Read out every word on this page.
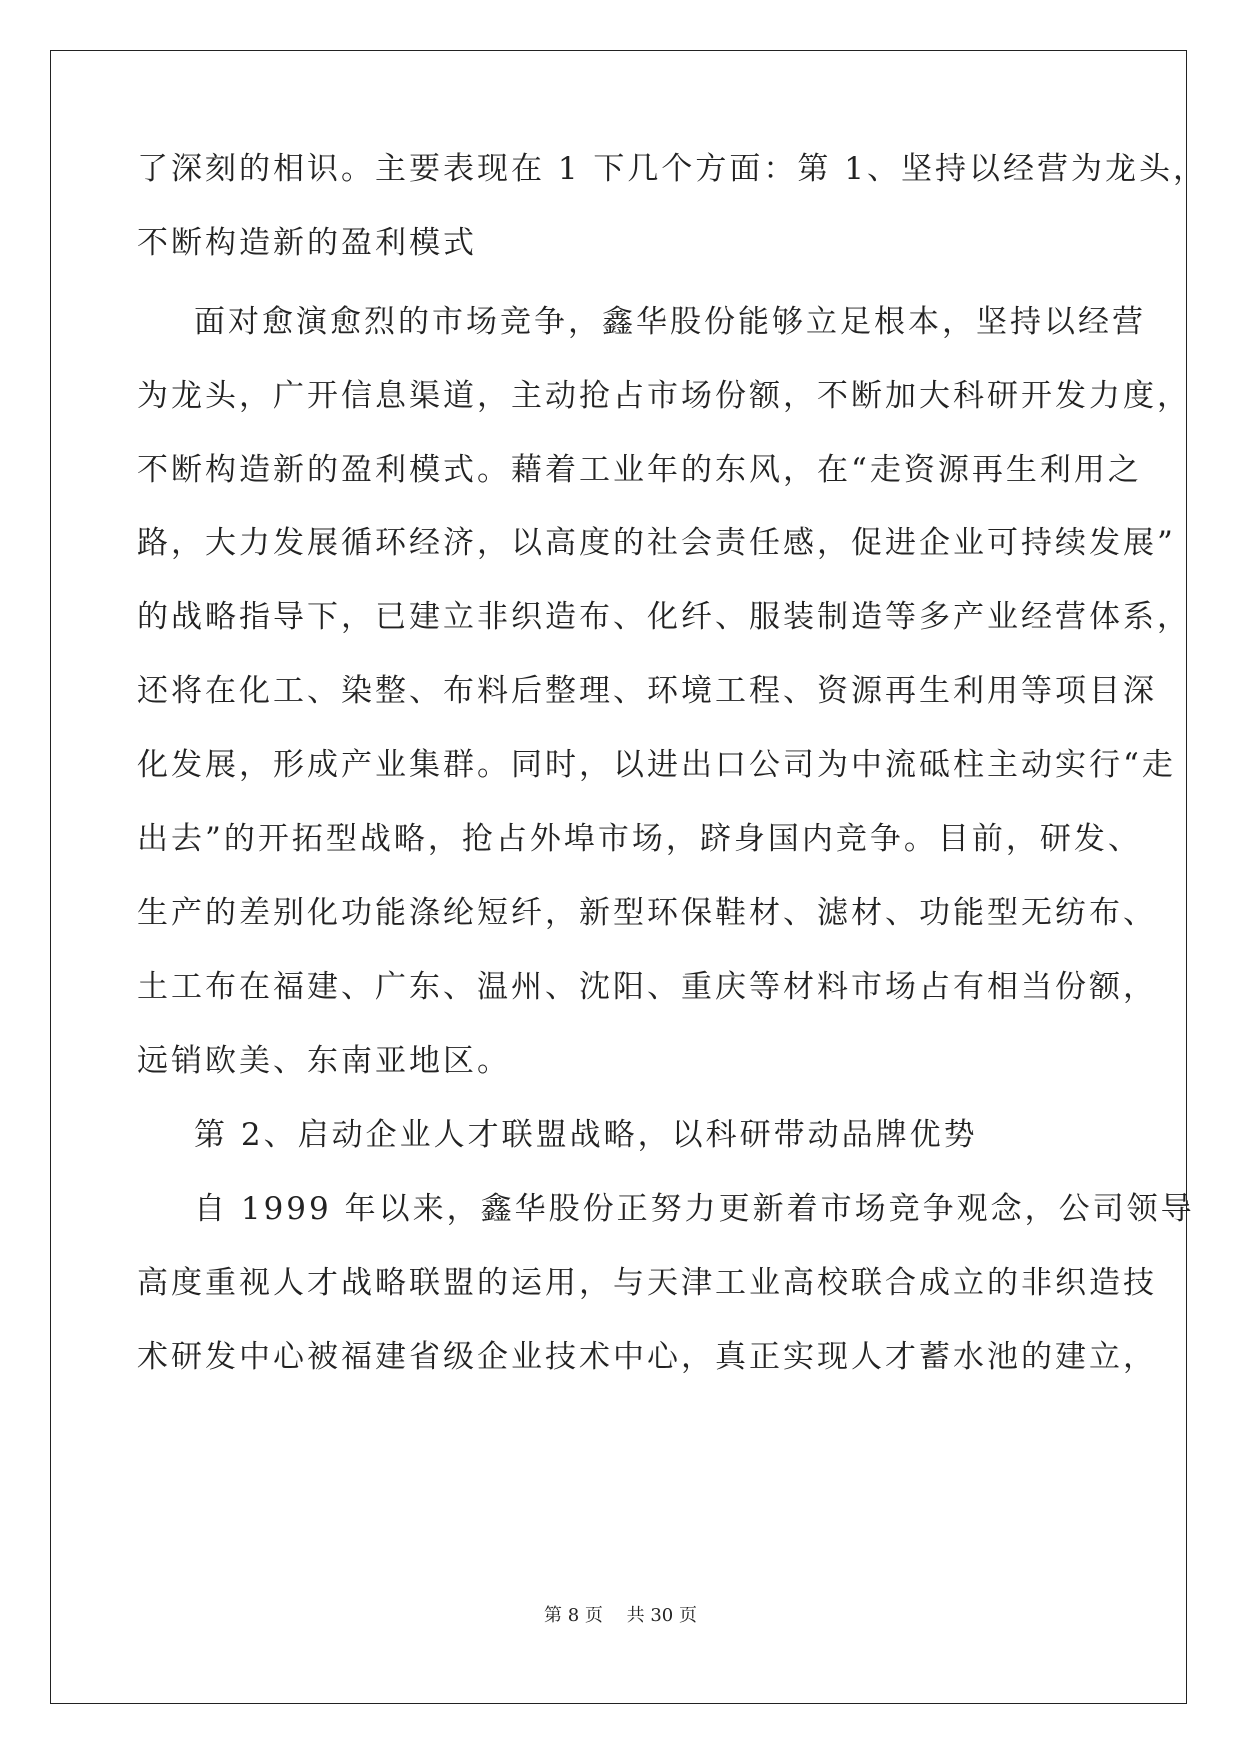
了深刻的相识。主要表现在 1 下几个方面：第 1、坚持以经营为龙头，
不断构造新的盈利模式
面对愈演愈烈的市场竞争，鑫华股份能够立足根本，坚持以经营
为龙头，广开信息渠道，主动抢占市场份额，不断加大科研开发力度，
不断构造新的盈利模式。藉着工业年的东风，在“走资源再生利用之
路，大力发展循环经济，以高度的社会责任感，促进企业可持续发展”
的战略指导下，已建立非织造布、化纤、服装制造等多产业经营体系，
还将在化工、染整、布料后整理、环境工程、资源再生利用等项目深
化发展，形成产业集群。同时，以进出口公司为中流砥柱主动实行“走
出去”的开拓型战略，抢占外埠市场，跻身国内竞争。目前，研发、
生产的差别化功能涤纶短纤，新型环保鞋材、滤材、功能型无纺布、
土工布在福建、广东、温州、沈阳、重庆等材料市场占有相当份额，
远销欧美、东南亚地区。
第 2、启动企业人才联盟战略，以科研带动品牌优势
自 1999 年以来，鑫华股份正努力更新着市场竞争观念，公司领导
高度重视人才战略联盟的运用，与天津工业高校联合成立的非织造技
术研发中心被福建省级企业技术中心，真正实现人才蓄水池的建立，
第 8 页　 共 30 页
